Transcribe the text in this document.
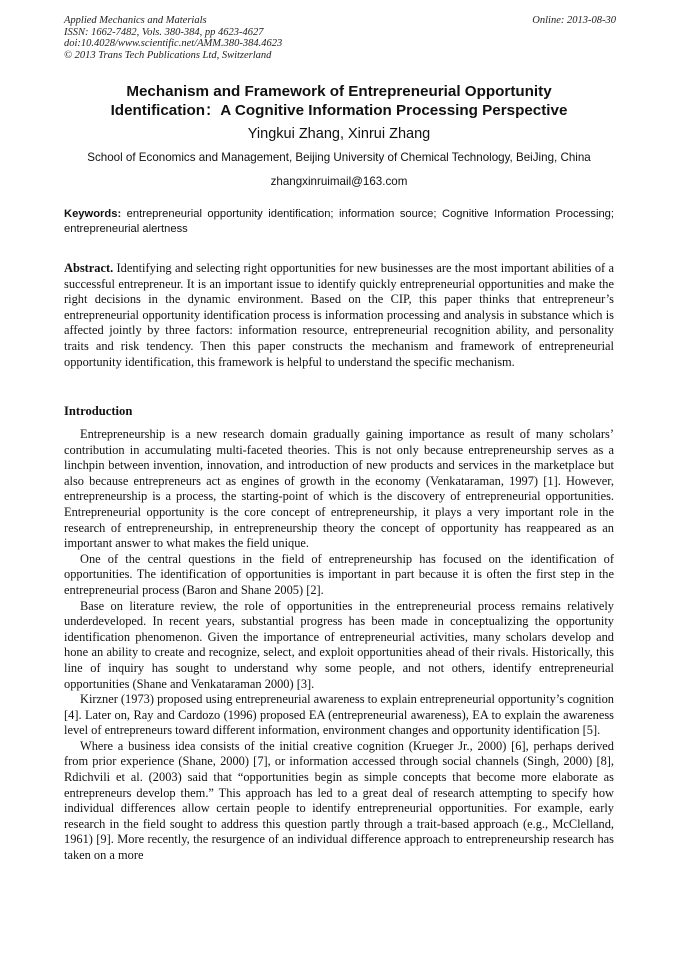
Applied Mechanics and Materials
ISSN: 1662-7482, Vols. 380-384, pp 4623-4627
doi:10.4028/www.scientific.net/AMM.380-384.4623
© 2013 Trans Tech Publications Ltd, Switzerland
Online: 2013-08-30
Mechanism and Framework of Entrepreneurial Opportunity
Identification：A Cognitive Information Processing Perspective
Yingkui Zhang, Xinrui Zhang
School of Economics and Management, Beijing University of Chemical Technology, BeiJing, China
zhangxinruimail@163.com
Keywords: entrepreneurial opportunity identification; information source; Cognitive Information Processing; entrepreneurial alertness
Abstract. Identifying and selecting right opportunities for new businesses are the most important abilities of a successful entrepreneur. It is an important issue to identify quickly entrepreneurial opportunities and make the right decisions in the dynamic environment. Based on the CIP, this paper thinks that entrepreneur’s entrepreneurial opportunity identification process is information processing and analysis in substance which is affected jointly by three factors: information resource, entrepreneurial recognition ability, and personality traits and risk tendency. Then this paper constructs the mechanism and framework of entrepreneurial opportunity identification, this framework is helpful to understand the specific mechanism.
Introduction

Entrepreneurship is a new research domain gradually gaining importance as result of many scholars’ contribution in accumulating multi-faceted theories. This is not only because entrepreneurship serves as a linchpin between invention, innovation, and introduction of new products and services in the marketplace but also because entrepreneurs act as engines of growth in the economy (Venkataraman, 1997) [1]. However, entrepreneurship is a process, the starting-point of which is the discovery of entrepreneurial opportunities. Entrepreneurial opportunity is the core concept of entrepreneurship, it plays a very important role in the research of entrepreneurship, in entrepreneurship theory the concept of opportunity has reappeared as an important answer to what makes the field unique.

One of the central questions in the field of entrepreneurship has focused on the identification of opportunities. The identification of opportunities is important in part because it is often the first step in the entrepreneurial process (Baron and Shane 2005) [2].

Base on literature review, the role of opportunities in the entrepreneurial process remains relatively underdeveloped. In recent years, substantial progress has been made in conceptualizing the opportunity identification phenomenon. Given the importance of entrepreneurial activities, many scholars develop and hone an ability to create and recognize, select, and exploit opportunities ahead of their rivals. Historically, this line of inquiry has sought to understand why some people, and not others, identify entrepreneurial opportunities (Shane and Venkataraman 2000) [3].

Kirzner (1973) proposed using entrepreneurial awareness to explain entrepreneurial opportunity’s cognition [4]. Later on, Ray and Cardozo (1996) proposed EA (entrepreneurial awareness), EA to explain the awareness level of entrepreneurs toward different information, environment changes and opportunity identification [5].

Where a business idea consists of the initial creative cognition (Krueger Jr., 2000) [6], perhaps derived from prior experience (Shane, 2000) [7], or information accessed through social channels (Singh, 2000) [8], Rdichvili et al. (2003) said that “opportunities begin as simple concepts that become more elaborate as entrepreneurs develop them.” This approach has led to a great deal of research attempting to specify how individual differences allow certain people to identify entrepreneurial opportunities. For example, early research in the field sought to address this question partly through a trait-based approach (e.g., McClelland, 1961) [9]. More recently, the resurgence of an individual difference approach to entrepreneurship research has taken on a more
